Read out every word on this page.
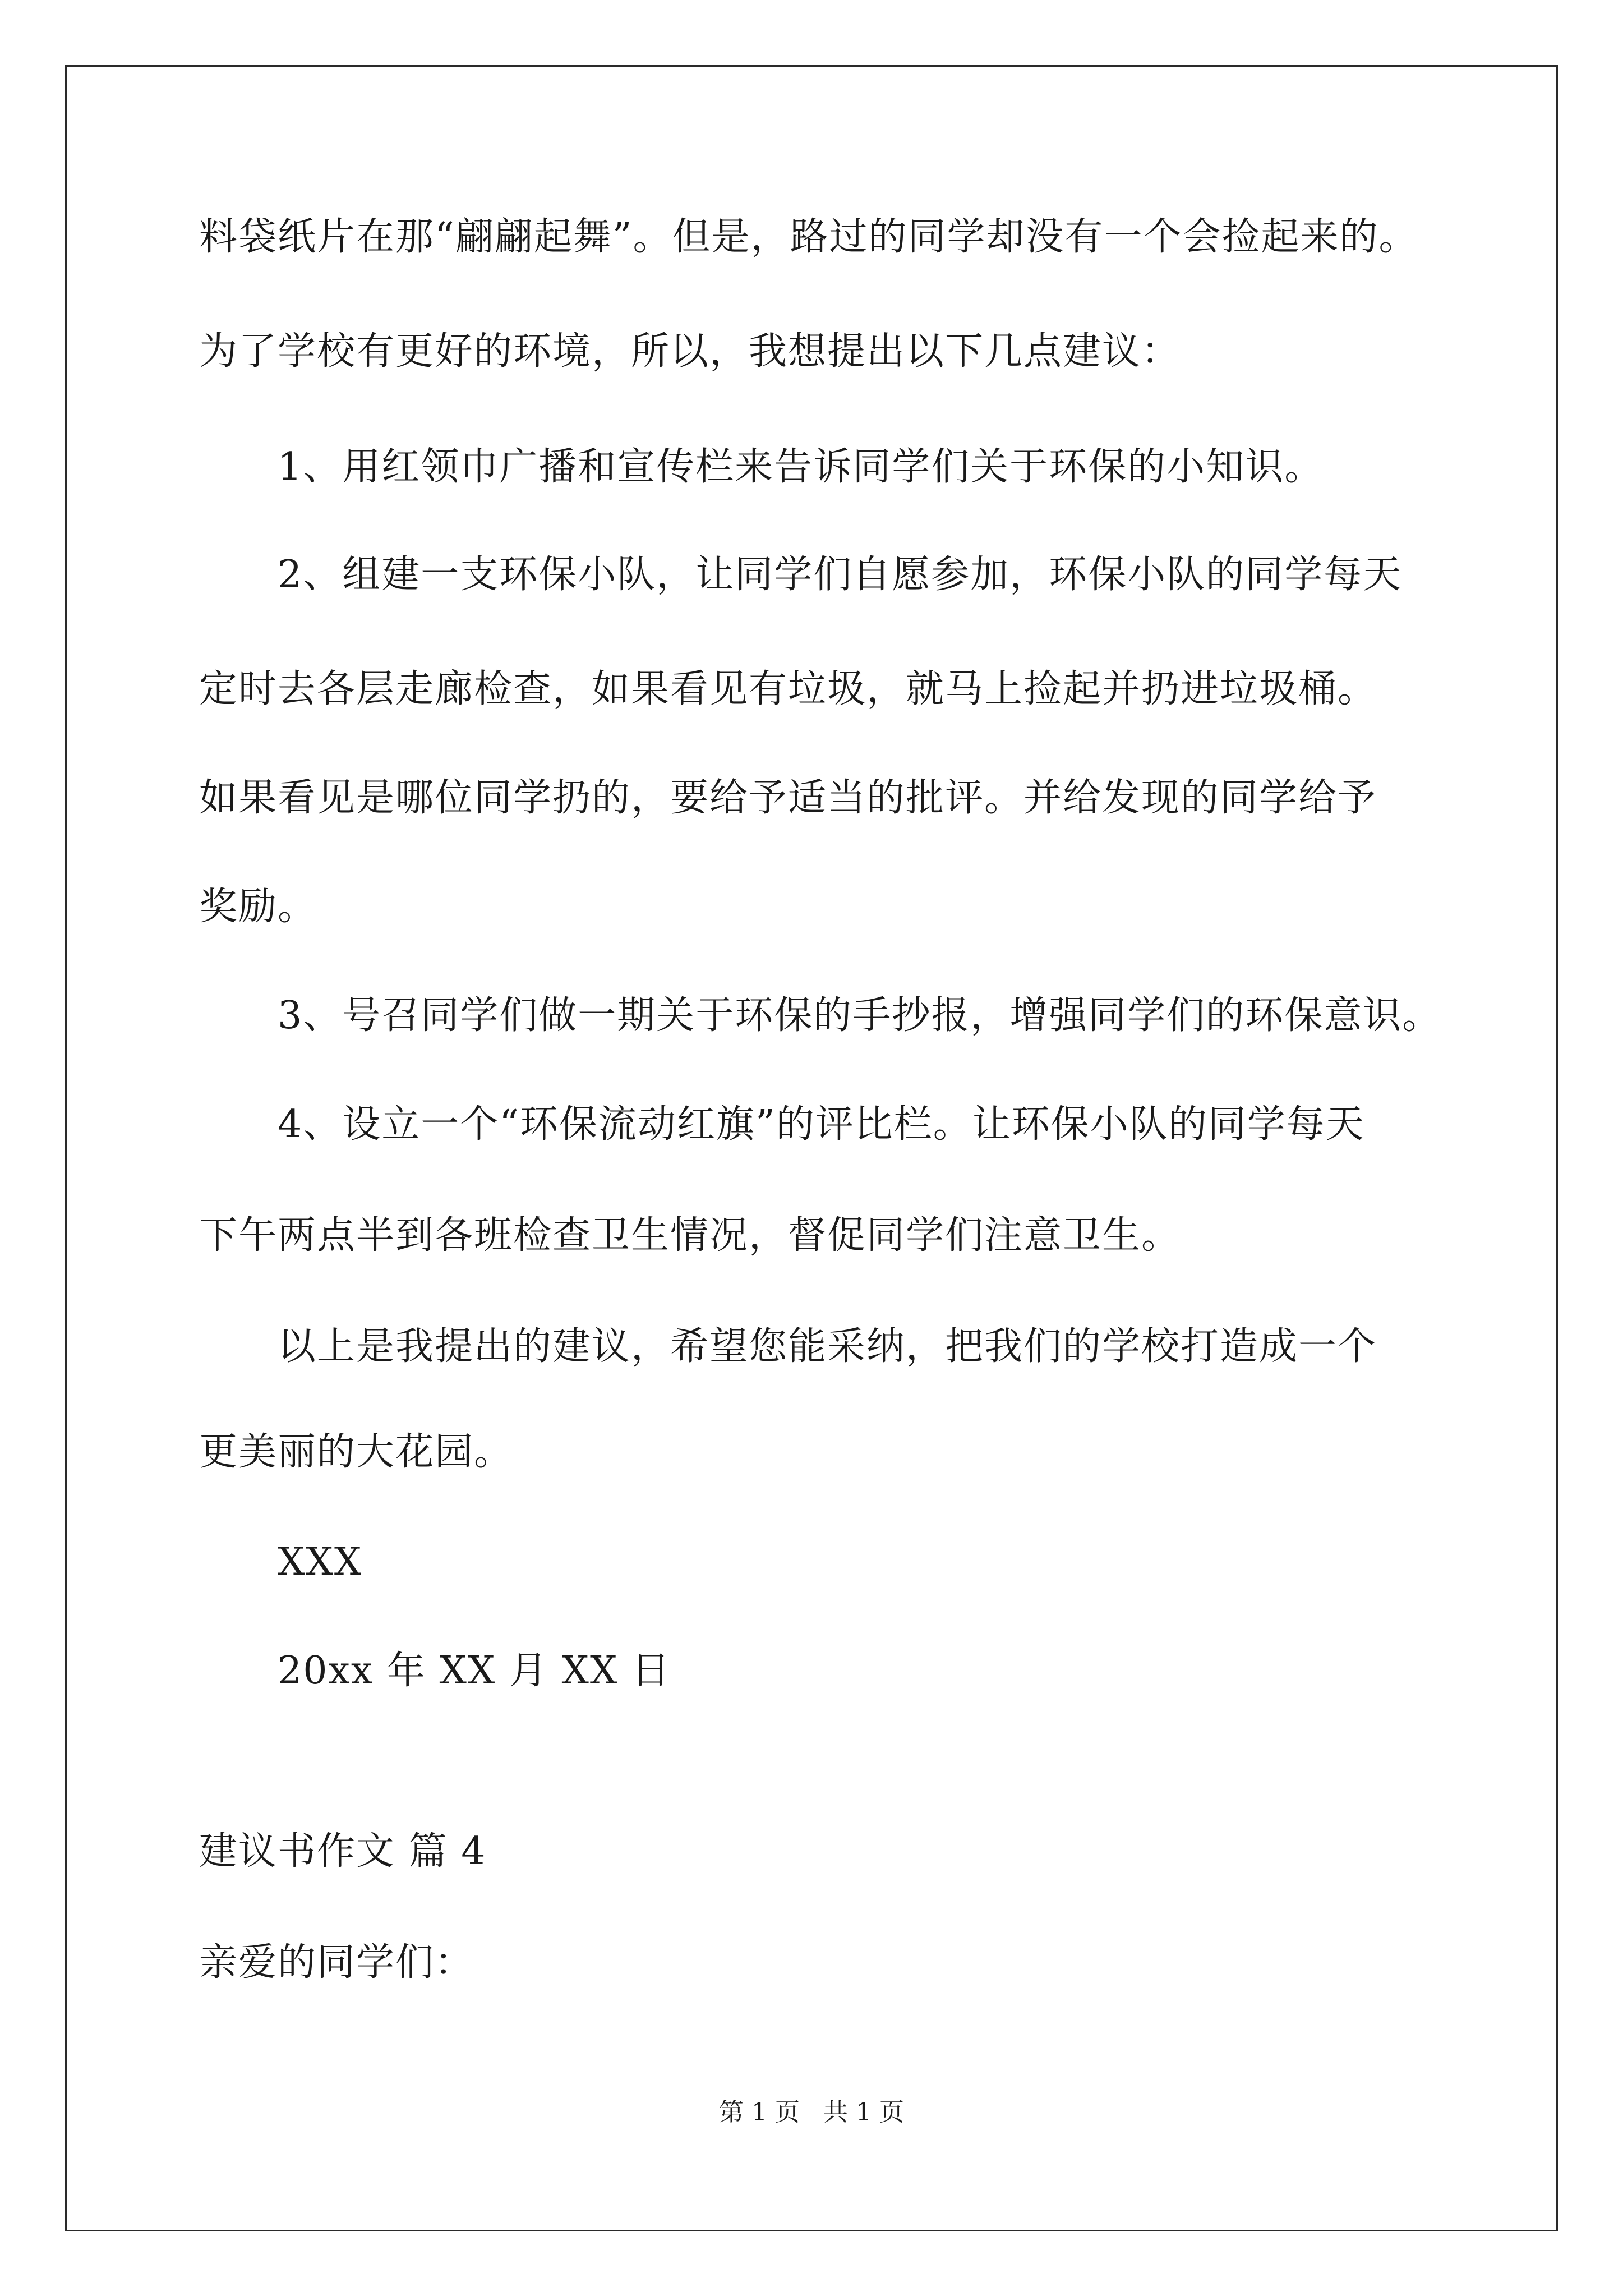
料袋纸片在那“翩翩起舞”。但是，路过的同学却没有一个会捡起来的。
为了学校有更好的环境，所以，我想提出以下几点建议：
1、用红领巾广播和宣传栏来告诉同学们关于环保的小知识。
2、组建一支环保小队，让同学们自愿参加，环保小队的同学每天
定时去各层走廊检查，如果看见有垃圾，就马上捡起并扔进垃圾桶。
如果看见是哪位同学扔的，要给予适当的批评。并给发现的同学给予
奖励。
3、号召同学们做一期关于环保的手抄报，增强同学们的环保意识。
4、设立一个“环保流动红旗”的评比栏。让环保小队的同学每天
下午两点半到各班检查卫生情况，督促同学们注意卫生。
以上是我提出的建议，希望您能采纳，把我们的学校打造成一个
更美丽的大花园。
XXX
20xx 年 XX 月 XX 日
建议书作文 篇 4
亲爱的同学们：
第 1 页 共 1 页
